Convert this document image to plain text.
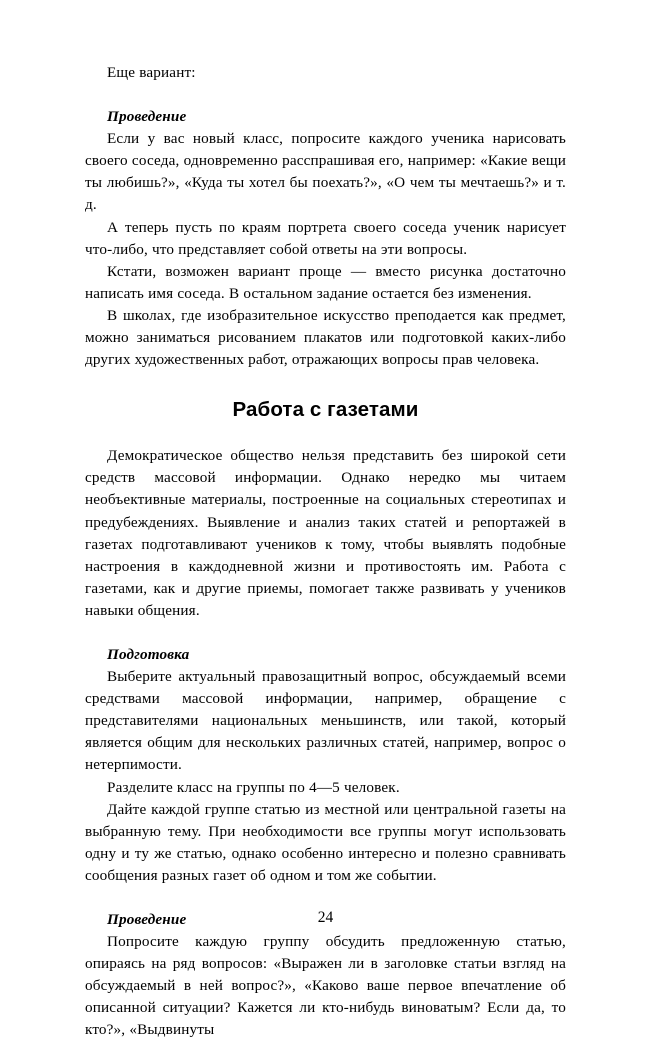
Еще вариант:

Проведение

Если у вас новый класс, попросите каждого ученика нарисовать своего соседа, одновременно расспрашивая его, например: «Какие вещи ты любишь?», «Куда ты хотел бы поехать?», «О чем ты мечтаешь?» и т. д.

А теперь пусть по краям портрета своего соседа ученик нарисует что-либо, что представляет собой ответы на эти вопросы.

Кстати, возможен вариант проще — вместо рисунка достаточно написать имя соседа. В остальном задание остается без изменения.

В школах, где изобразительное искусство преподается как предмет, можно заниматься рисованием плакатов или подготовкой каких-либо других художественных работ, отражающих вопросы прав человека.

Работа с газетами

Демократическое общество нельзя представить без широкой сети средств массовой информации. Однако нередко мы читаем необъективные материалы, построенные на социальных стереотипах и предубеждениях. Выявление и анализ таких статей и репортажей в газетах подготавливают учеников к тому, чтобы выявлять подобные настроения в каждодневной жизни и противостоять им. Работа с газетами, как и другие приемы, помогает также развивать у учеников навыки общения.

Подготовка

Выберите актуальный правозащитный вопрос, обсуждаемый всеми средствами массовой информации, например, обращение с представителями национальных меньшинств, или такой, который является общим для нескольких различных статей, например, вопрос о нетерпимости.

Разделите класс на группы по 4—5 человек.

Дайте каждой группе статью из местной или центральной газеты на выбранную тему. При необходимости все группы могут использовать одну и ту же статью, однако особенно интересно и полезно сравнивать сообщения разных газет об одном и том же событии.

Проведение

Попросите каждую группу обсудить предложенную статью, опираясь на ряд вопросов: «Выражен ли в заголовке статьи взгляд на обсуждаемый в ней вопрос?», «Каково ваше первое впечатление об описанной ситуации? Кажется ли кто-нибудь виноватым? Если да, то кто?», «Выдвинуты

24
